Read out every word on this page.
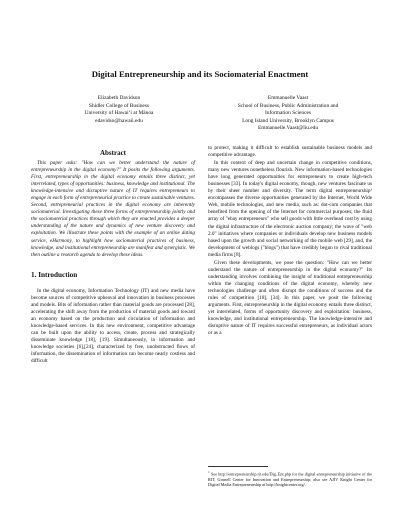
Digital Entrepreneurship and its Sociomaterial Enactment
Elizabeth Davidson
Shidler College of Business
University of Hawaiʻi at Mānoa
edavidso@hawaii.edu
Emmanuelle Vaast
School of Business, Public Administration and
Information Sciences
Long Island University, Brooklyn Campus
Emmanuelle.Vaast@liu.edu
Abstract

This paper asks: "How can we better understand the nature of entrepreneurship in the digital economy?" It posits the following arguments. First, entrepreneurship in the digital economy entails three distinct, yet interrelated, types of opportunities: business, knowledge and institutional. The knowledge-intensive and disruptive nature of IT requires entrepreneurs to engage in each form of entrepreneurial practice to create sustainable ventures. Second, entrepreneurial practices in the digital economy are inherently sociomaterial. Investigating these three forms of entrepreneurship jointly and the sociomaterial practices through which they are enacted provides a deeper understanding of the nature and dynamics of new venture discovery and exploitation. We illustrate these points with the example of an online dating service, eHarmony, to highlight how sociomaterial practices of business, knowledge, and institutional entrepreneurship are manifest and synergistic. We then outline a research agenda to develop these ideas.

1. Introduction

In the digital economy, Information Technology (IT) and new media have become sources of competitive upheaval and innovation in business processes and models. Bits of information rather than material goods are processed [28], accelerating the shift away from the production of material goods and toward an economy based on the production and circulation of information and knowledge-based services. In this new environment, competitive advantage can be built upon the ability to access, create, process and strategically disseminate knowledge [18], [19]. Simultaneously, in information and knowledge societies [6],[24], characterized by free, unobstructed flows of information, the dissemination of information can become nearly costless and difficult

to protect, making it difficult to establish sustainable business models and competitive advantage.

In this context of deep and uncertain change in competitive conditions, many new ventures nonetheless flourish. New information-based technologies have long generated opportunities for entrepreneurs to create high-tech businesses [33]. In today's digital economy, though, new ventures fascinate us by their sheer number and diversity. The term digital entrepreneurship¹ encompasses the diverse opportunities generated by the Internet, World Wide Web, mobile technologies, and new media, such as: dot-com companies that benefited from the opening of the Internet for commercial purposes; the fluid array of "ebay entrepreneurs" who sell goods with little overhead cost by using the digital infrastructure of the electronic auction company; the wave of "web 2.0" initiatives where companies or individuals develop new business models based upon the growth and social networking of the mobile web [29], and, the development of weblogs ("blogs") that have credibly begun to rival traditional media firms [8].

Given these developments, we pose the question: "How can we better understand the nature of entrepreneurship in the digital economy?" Its understanding involves combining the insight of traditional entrepreneurship within the changing conditions of the digital economy, whereby new technologies challenge and often disrupt the conditions of success and the rules of competition [18], [34]. In this paper, we posit the following arguments. First, entrepreneurship in the digital economy entails three distinct, yet interrelated, forms of opportunity discovery and exploitation: business, knowledge, and institutional entrepreneurship. The knowledge-intensive and disruptive nature of IT requires successful entrepreneurs, as individual actors or as a

$^1$ See http://entrepreneurship.rit.edu/Dig_Ent.php for the digital entrepreneurship initiative of the RIT, Gosnell Center for Innovation and Entrepreneurship; also see AJIV Knight Center for Digital Media Entrepreneurship at http://knightcenter.org/.
